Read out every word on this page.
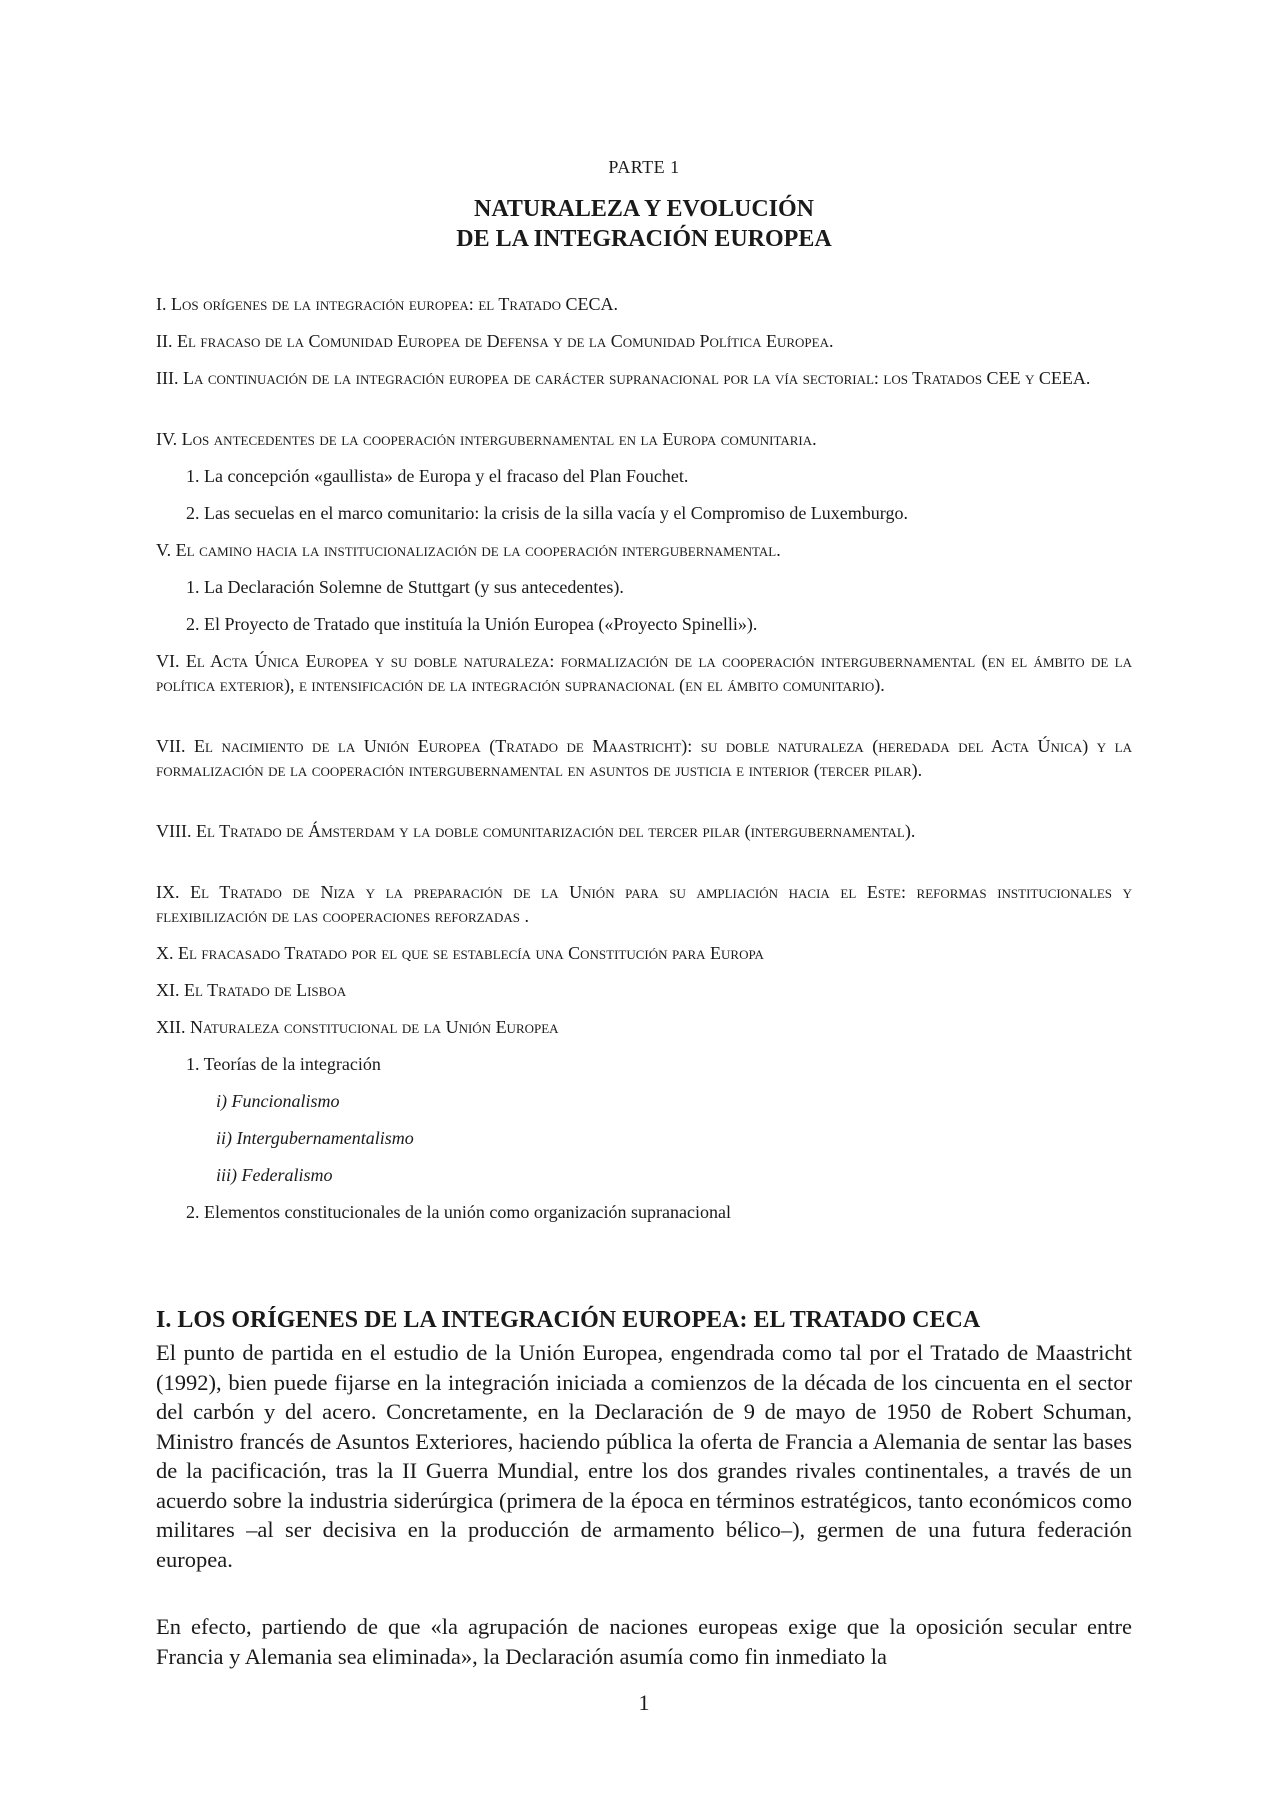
PARTE 1
NATURALEZA Y EVOLUCIÓN
DE LA INTEGRACIÓN EUROPEA
I. Los orígenes de la integración europea: el Tratado CECA.
II. El fracaso de la Comunidad Europea de Defensa y de la Comunidad Política Europea.
III. La continuación de la integración europea de carácter supranacional por la vía sectorial: los Tratados CEE y CEEA.
IV. Los antecedentes de la cooperación intergubernamental en la Europa comunitaria.
1. La concepción «gaullista» de Europa y el fracaso del Plan Fouchet.
2. Las secuelas en el marco comunitario: la crisis de la silla vacía y el Compromiso de Luxemburgo.
V. El camino hacia la institucionalización de la cooperación intergubernamental.
1. La Declaración Solemne de Stuttgart (y sus antecedentes).
2. El Proyecto de Tratado que instituía la Unión Europea («Proyecto Spinelli»).
VI. El Acta Única Europea y su doble naturaleza: formalización de la cooperación intergubernamental (en el ámbito de la política exterior), e intensificación de la integración supranacional (en el ámbito comunitario).
VII. El nacimiento de la Unión Europea (Tratado de Maastricht): su doble naturaleza (heredada del Acta Única) y la formalización de la cooperación intergubernamental en asuntos de justicia e interior (tercer pilar).
VIII. El Tratado de Ámsterdam y la doble comunitarización del tercer pilar (intergubernamental).
IX. El Tratado de Niza y la preparación de la Unión para su ampliación hacia el Este: reformas institucionales y flexibilización de las cooperaciones reforzadas .
X. El fracasado Tratado por el que se establecía una Constitución para Europa
XI. El Tratado de Lisboa
XII. Naturaleza constitucional de la Unión Europea
1. Teorías de la integración
i) Funcionalismo
ii) Intergubernamentalismo
iii) Federalismo
2. Elementos constitucionales de la unión como organización supranacional
I. LOS ORÍGENES DE LA INTEGRACIÓN EUROPEA: EL TRATADO CECA

El punto de partida en el estudio de la Unión Europea, engendrada como tal por el Tratado de Maastricht (1992), bien puede fijarse en la integración iniciada a comienzos de la década de los cincuenta en el sector del carbón y del acero. Concretamente, en la Declaración de 9 de mayo de 1950 de Robert Schuman, Ministro francés de Asuntos Exteriores, haciendo pública la oferta de Francia a Alemania de sentar las bases de la pacificación, tras la II Guerra Mundial, entre los dos grandes rivales continentales, a través de un acuerdo sobre la industria siderúrgica (primera de la época en términos estratégicos, tanto económicos como militares –al ser decisiva en la producción de armamento bélico–), germen de una futura federación europea.

En efecto, partiendo de que «la agrupación de naciones europeas exige que la oposición secular entre Francia y Alemania sea eliminada», la Declaración asumía como fin inmediato la

1
